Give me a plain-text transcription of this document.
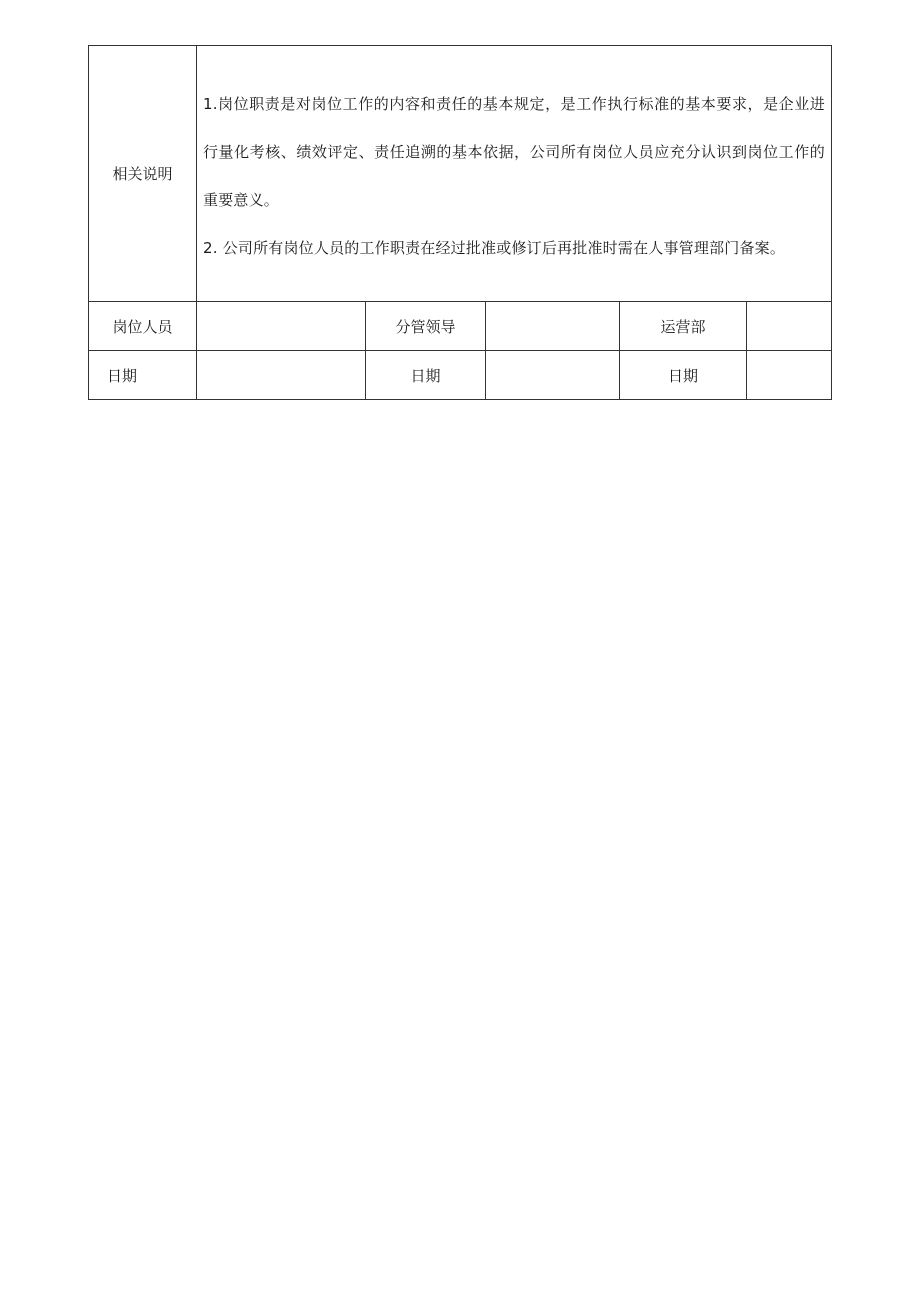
相关说明	1.岗位职责是对岗位工作的内容和责任的基本规定，是工作执行标准的基本要求，是企业进行量化考核、绩效评定、责任追溯的基本依据，公司所有岗位人员应充分认识到岗位工作的重要意义。

2. 公司所有岗位人员的工作职责在经过批准或修订后再批准时需在人事管理部门备案。				

岗位人员		分管领导		运营部	
日期		日期		日期	
